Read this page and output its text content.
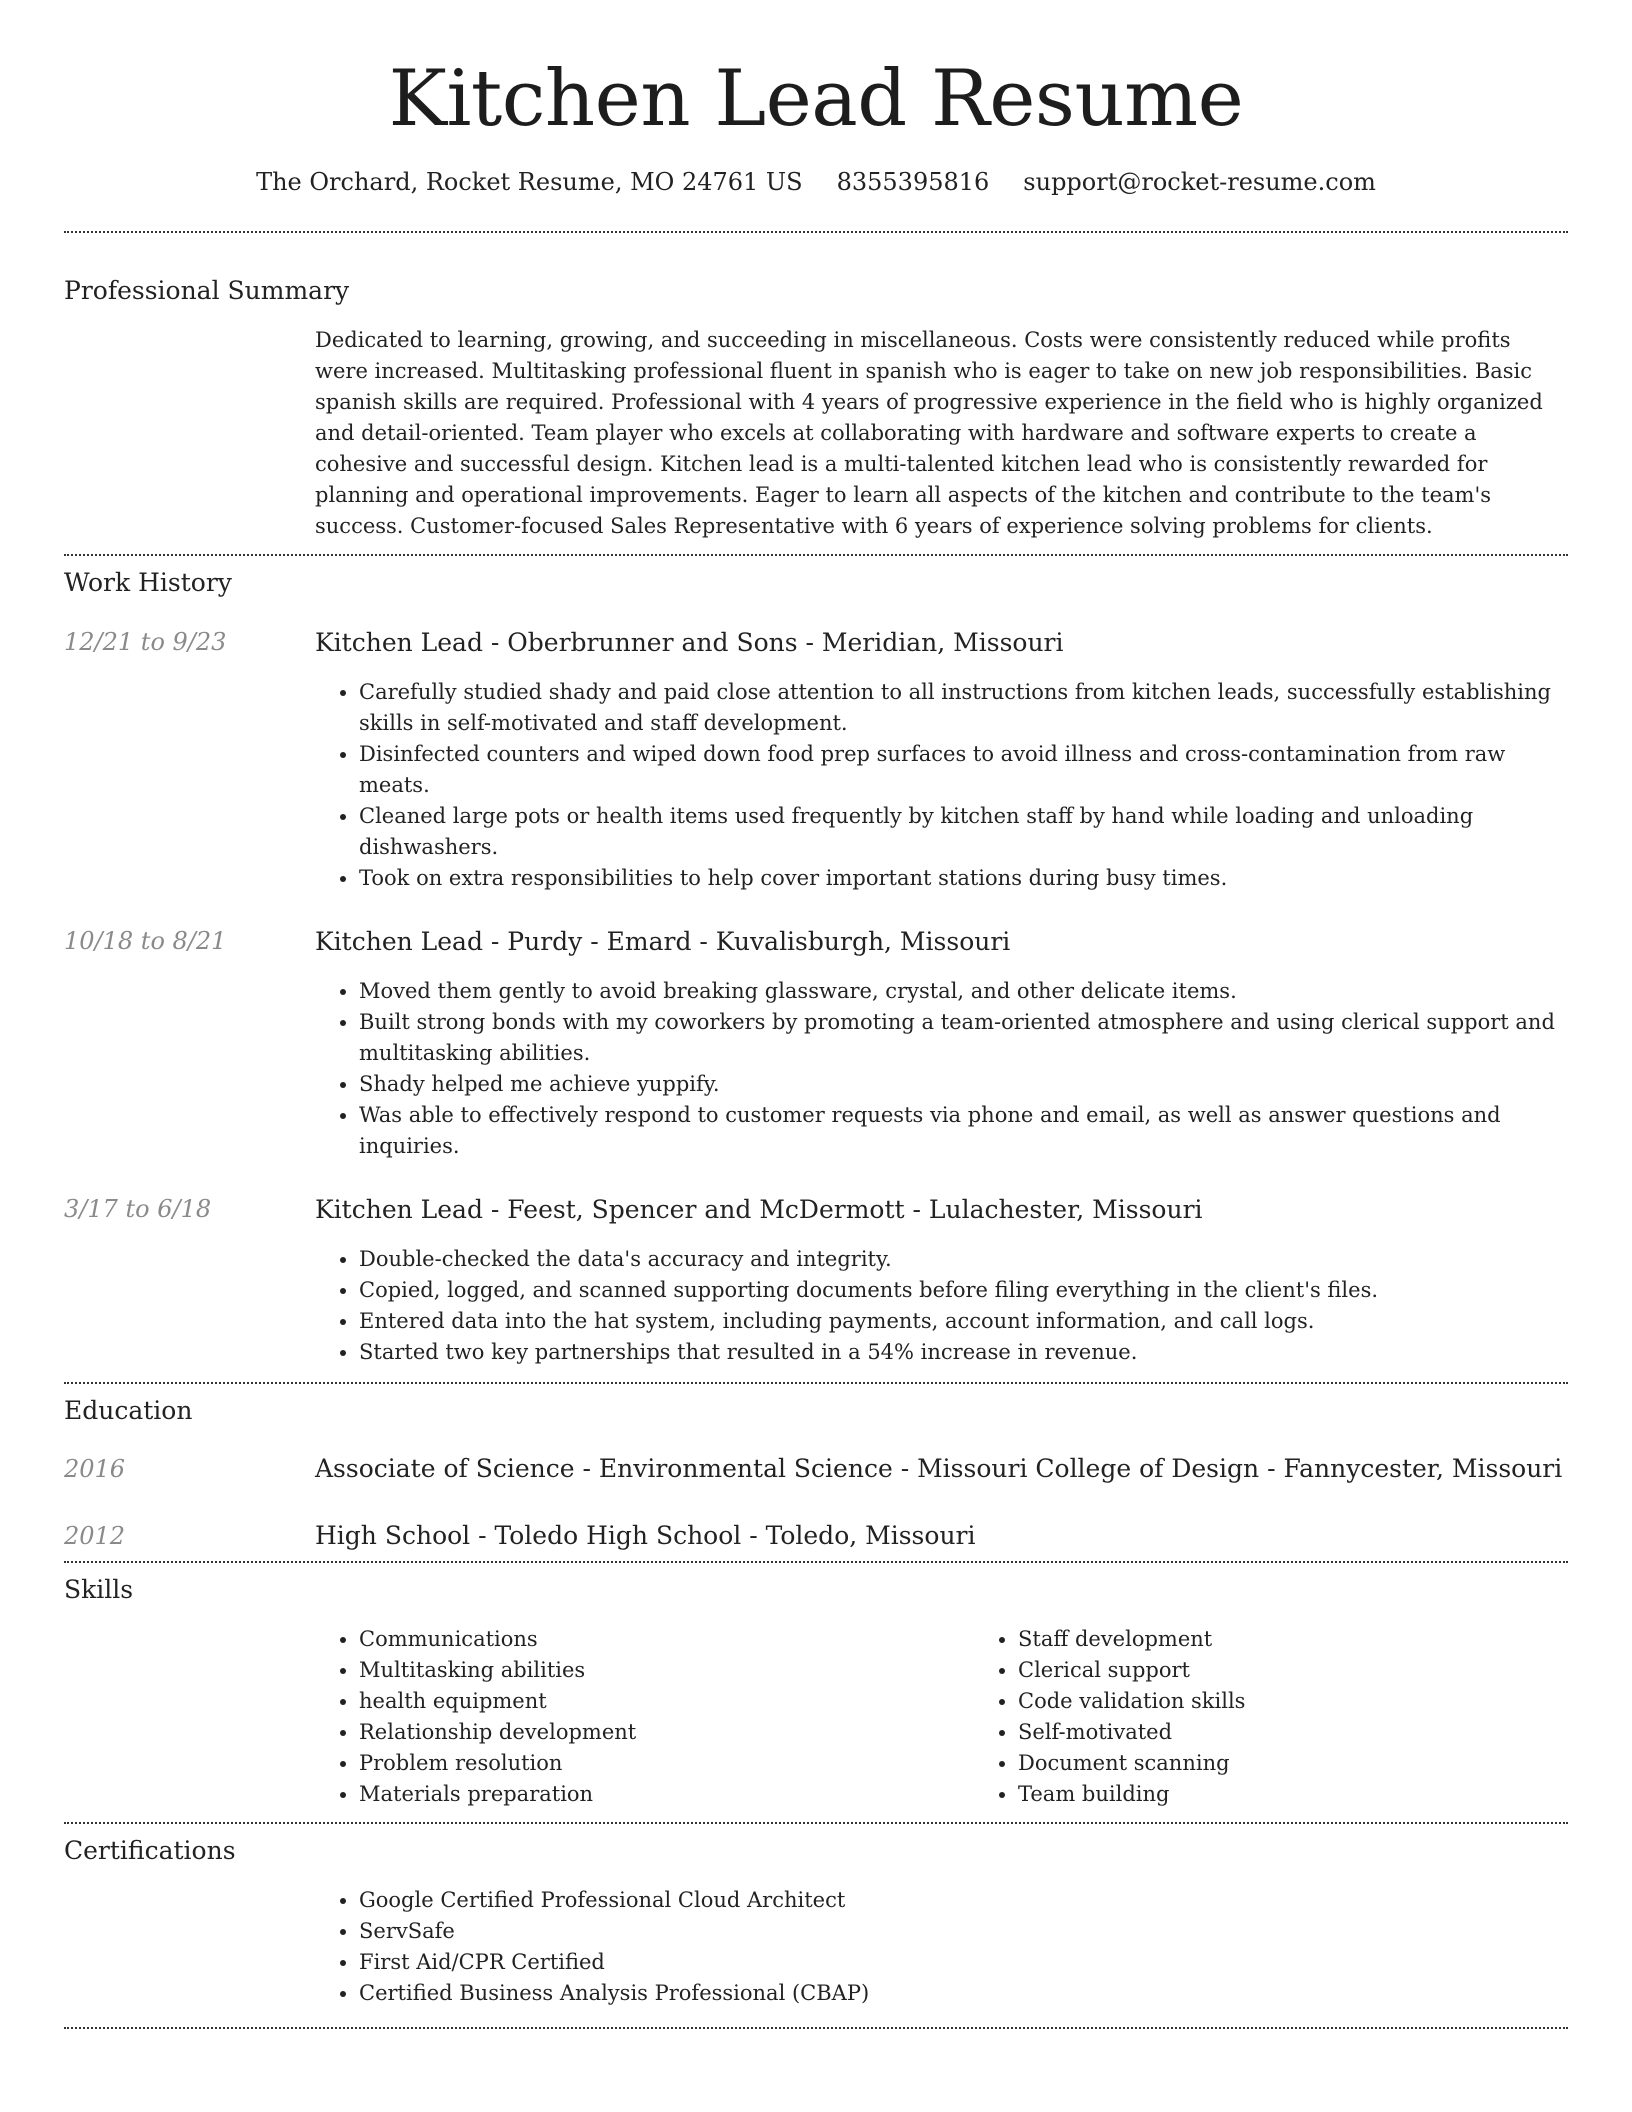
Kitchen Lead Resume
The Orchard, Rocket Resume, MO 24761 US 8355395816 support@rocket-resume.com
Professional Summary

Dedicated to learning, growing, and succeeding in miscellaneous. Costs were consistently reduced while profits were increased. Multitasking professional fluent in spanish who is eager to take on new job responsibilities. Basic spanish skills are required. Professional with 4 years of progressive experience in the field who is highly organized and detail-oriented. Team player who excels at collaborating with hardware and software experts to create a cohesive and successful design. Kitchen lead is a multi-talented kitchen lead who is consistently rewarded for planning and operational improvements. Eager to learn all aspects of the kitchen and contribute to the team's success. Customer-focused Sales Representative with 6 years of experience solving problems for clients.

Work History
12/21 to 9/23	Kitchen Lead - Oberbrunner and Sons - Meridian, Missouri
• Carefully studied shady and paid close attention to all instructions from kitchen leads, successfully establishing skills in self-motivated and staff development.
• Disinfected counters and wiped down food prep surfaces to avoid illness and cross-contamination from raw meats.
• Cleaned large pots or health items used frequently by kitchen staff by hand while loading and unloading dishwashers.
• Took on extra responsibilities to help cover important stations during busy times.
10/18 to 8/21	Kitchen Lead - Purdy - Emard - Kuvalisburgh, Missouri
• Moved them gently to avoid breaking glassware, crystal, and other delicate items.
• Built strong bonds with my coworkers by promoting a team-oriented atmosphere and using clerical support and multitasking abilities.
• Shady helped me achieve yuppify.
• Was able to effectively respond to customer requests via phone and email, as well as answer questions and inquiries.
3/17 to 6/18	Kitchen Lead - Feest, Spencer and McDermott - Lulachester, Missouri
• Double-checked the data's accuracy and integrity.
• Copied, logged, and scanned supporting documents before filing everything in the client's files.
• Entered data into the hat system, including payments, account information, and call logs.
• Started two key partnerships that resulted in a 54% increase in revenue.
Education
2016	Associate of Science - Environmental Science - Missouri College of Design - Fannycester, Missouri
2012	High School - Toledo High School - Toledo, Missouri
Skills
• Communications
• Multitasking abilities
• health equipment
• Relationship development
• Problem resolution
• Materials preparation
• Staff development
• Clerical support
• Code validation skills
• Self-motivated
• Document scanning
• Team building
Certifications
• Google Certified Professional Cloud Architect
• ServSafe
• First Aid/CPR Certified
• Certified Business Analysis Professional (CBAP)
